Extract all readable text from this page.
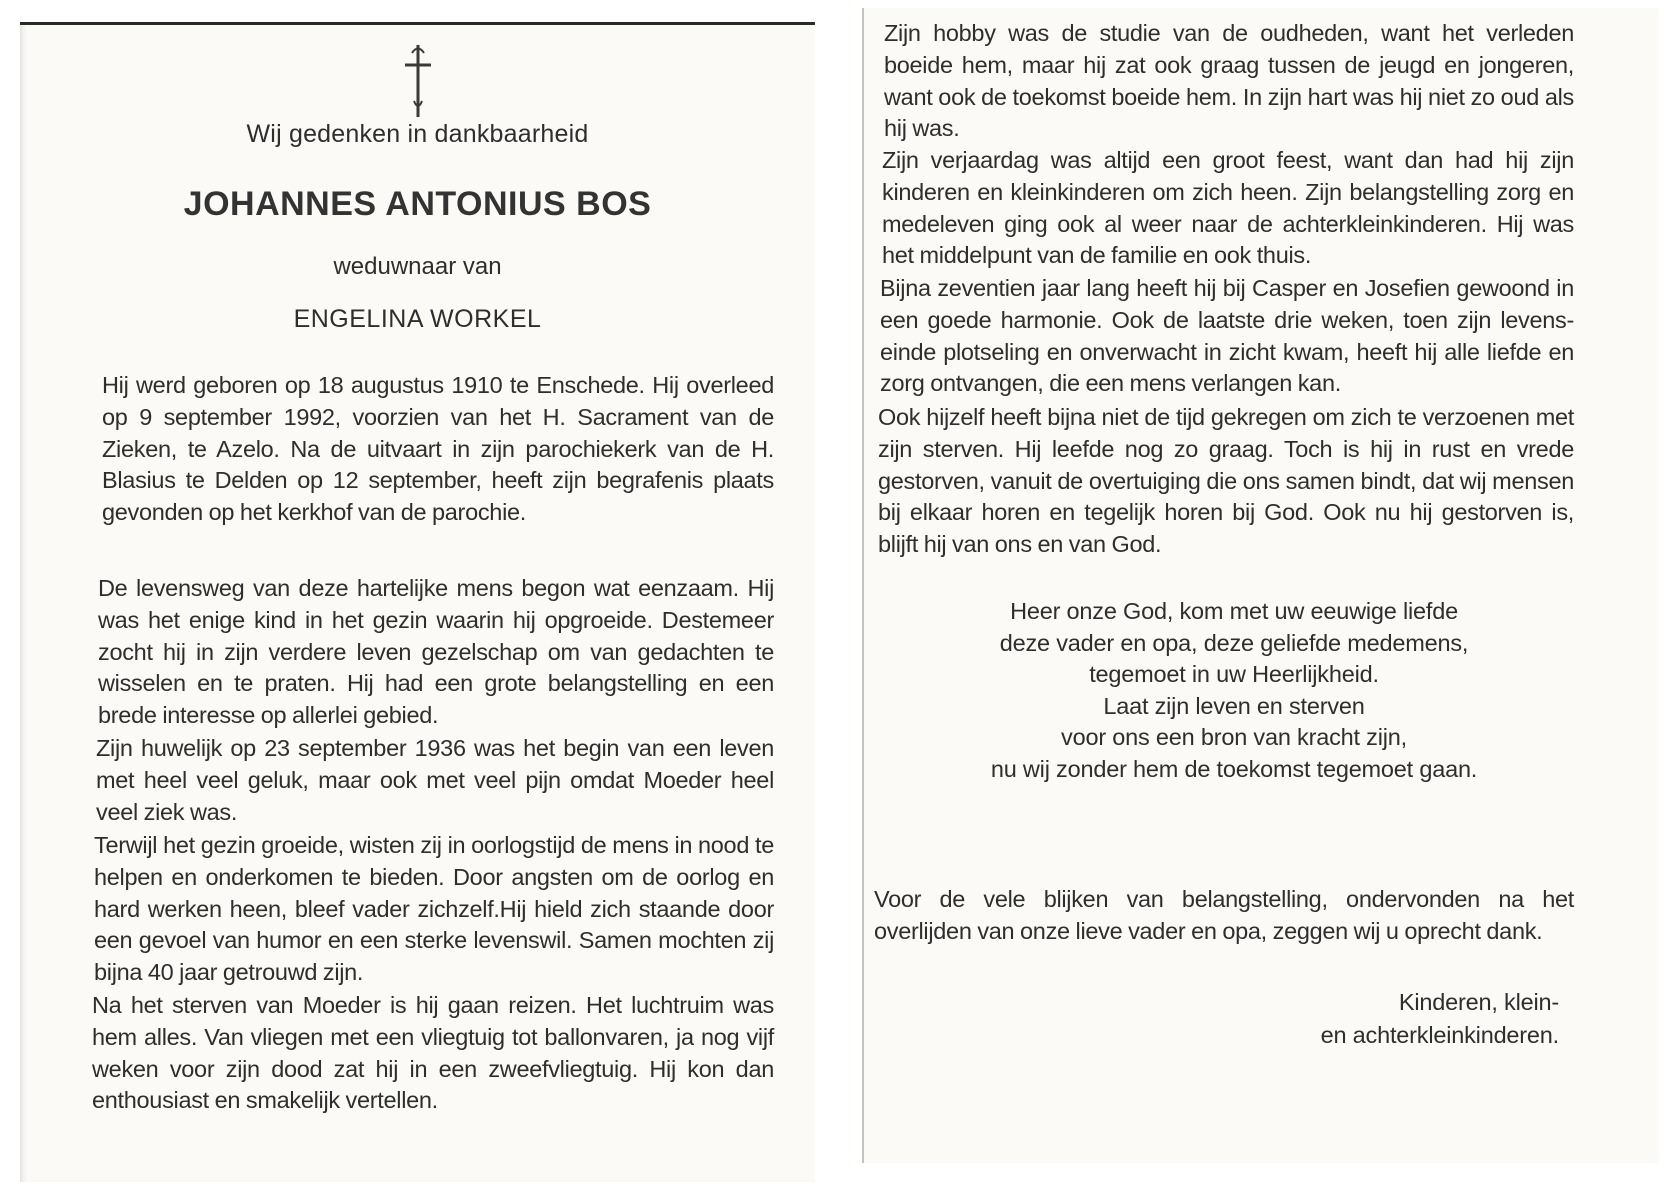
Wij gedenken in dankbaarheid

JOHANNES ANTONIUS BOS

weduwnaar van

ENGELINA WORKEL

Hij werd geboren op 18 augustus 1910 te Enschede. Hij overleed op 9 september 1992, voorzien van het H. Sacrament van de Zieken, te Azelo. Na de uitvaart in zijn parochiekerk van de H. Blasius te Delden op 12 september, heeft zijn begrafenis plaats gevonden op het kerkhof van de parochie.

De levensweg van deze hartelijke mens begon wat eenzaam. Hij was het enige kind in het gezin waarin hij opgroeide. Destemeer zocht hij in zijn verdere leven gezelschap om van gedachten te wisselen en te praten. Hij had een grote belangstelling en een brede interesse op allerlei gebied.

Zijn huwelijk op 23 september 1936 was het begin van een leven met heel veel geluk, maar ook met veel pijn omdat Moeder heel veel ziek was.

Terwijl het gezin groeide, wisten zij in oorlogstijd de mens in nood te helpen en onderkomen te bieden. Door angsten om de oorlog en hard werken heen, bleef vader zichzelf.Hij hield zich staande door een gevoel van humor en een sterke levenswil. Samen mochten zij bijna 40 jaar getrouwd zijn.

Na het sterven van Moeder is hij gaan reizen. Het luchtruim was hem alles. Van vliegen met een vliegtuig tot ballonvaren, ja nog vijf weken voor zijn dood zat hij in een zweefvliegtuig. Hij kon dan enthousiast en smakelijk vertellen.

Zijn hobby was de studie van de oudheden, want het verleden boeide hem, maar hij zat ook graag tussen de jeugd en jongeren, want ook de toekomst boeide hem. In zijn hart was hij niet zo oud als hij was.

Zijn verjaardag was altijd een groot feest, want dan had hij zijn kinderen en kleinkinderen om zich heen. Zijn belangstelling zorg en medeleven ging ook al weer naar de achterkleinkinderen. Hij was het middelpunt van de familie en ook thuis.

Bijna zeventien jaar lang heeft hij bij Casper en Josefien gewoond in een goede harmonie. Ook de laatste drie weken, toen zijn levens-einde plotseling en onverwacht in zicht kwam, heeft hij alle liefde en zorg ontvangen, die een mens verlangen kan.

Ook hijzelf heeft bijna niet de tijd gekregen om zich te verzoenen met zijn sterven. Hij leefde nog zo graag. Toch is hij in rust en vrede gestorven, vanuit de overtuiging die ons samen bindt, dat wij mensen bij elkaar horen en tegelijk horen bij God. Ook nu hij gestorven is, blijft hij van ons en van God.

Heer onze God, kom met uw eeuwige liefde
deze vader en opa, deze geliefde medemens,
tegemoet in uw Heerlijkheid.
Laat zijn leven en sterven
voor ons een bron van kracht zijn,
nu wij zonder hem de toekomst tegemoet gaan.

Voor de vele blijken van belangstelling, ondervonden na het overlijden van onze lieve vader en opa, zeggen wij u oprecht dank.

Kinderen, klein-
en achterkleinkinderen.
